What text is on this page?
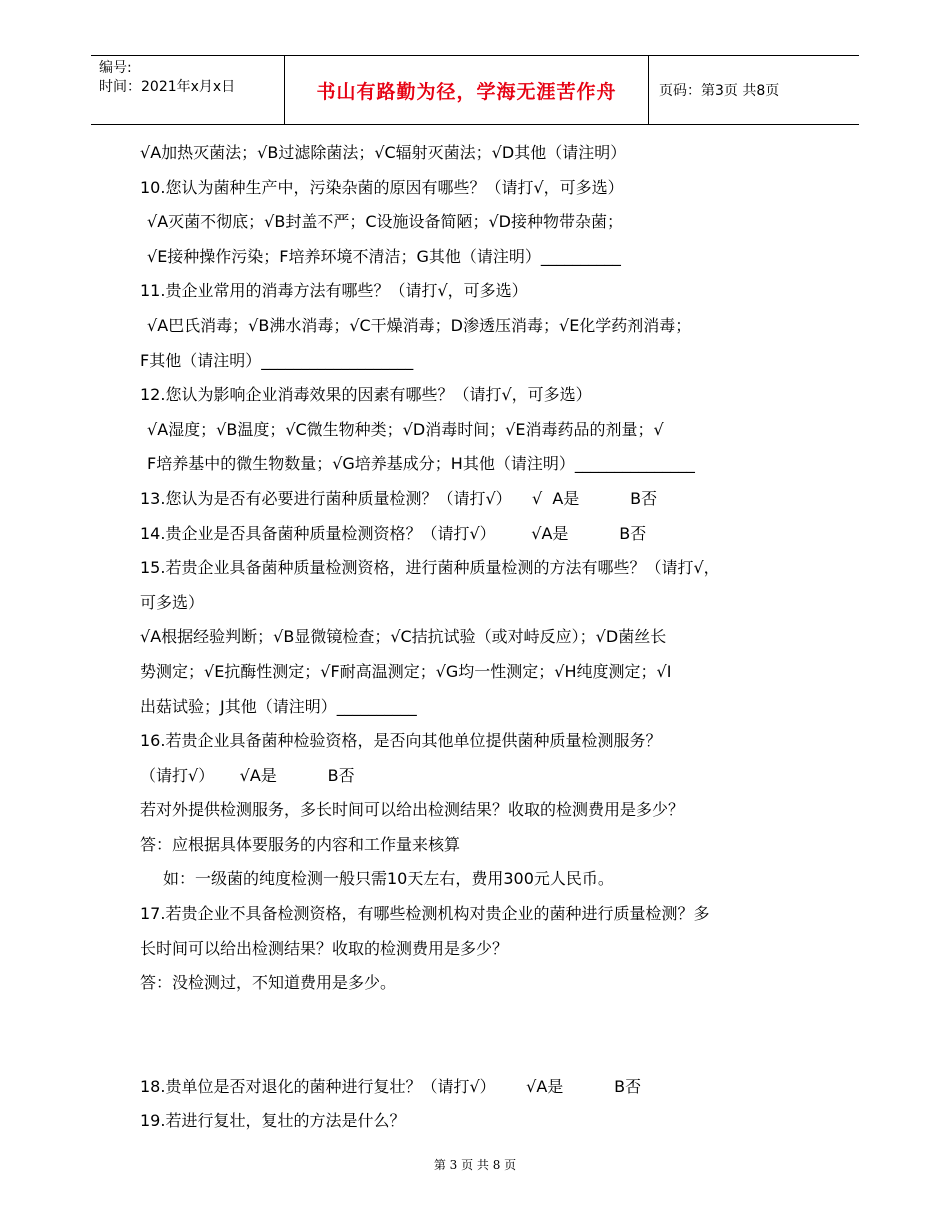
编号:
时间：2021年x月x日	书山有路勤为径，学海无涯苦作舟	页码：第3页 共8页
√A加热灭菌法；√B过滤除菌法；√C辐射灭菌法；√D其他（请注明）
10.您认为菌种生产中，污染杂菌的原因有哪些？（请打√，可多选）
√A灭菌不彻底；√B封盖不严；C设施设备简陋；√D接种物带杂菌；
√E接种操作污染；F培养环境不清洁；G其他（请注明）__________
11.贵企业常用的消毒方法有哪些？（请打√，可多选）
√A巴氏消毒；√B沸水消毒；√C干燥消毒；D渗透压消毒；√E化学药剂消毒；
F其他（请注明）___________________
12.您认为影响企业消毒效果的因素有哪些？（请打√，可多选）
√A湿度；√B温度；√C微生物种类；√D消毒时间；√E消毒药品的剂量；√
F培养基中的微生物数量；√G培养基成分；H其他（请注明）_______________
13.您认为是否有必要进行菌种质量检测？（请打√）    √  A是          B否
14.贵企业是否具备菌种质量检测资格？（请打√）       √A是          B否
15.若贵企业具备菌种质量检测资格，进行菌种质量检测的方法有哪些？（请打√，
可多选）
√A根据经验判断；√B显微镜检查；√C拮抗试验（或对峙反应）；√D菌丝长
势测定；√E抗酶性测定；√F耐高温测定；√G均一性测定；√H纯度测定；√I
出菇试验；J其他（请注明）__________
16.若贵企业具备菌种检验资格，是否向其他单位提供菌种质量检测服务？
（请打√）     √A是          B否
若对外提供检测服务，多长时间可以给出检测结果？收取的检测费用是多少？
答：应根据具体要服务的内容和工作量来核算
如：一级菌的纯度检测一般只需10天左右，费用300元人民币。
17.若贵企业不具备检测资格，有哪些检测机构对贵企业的菌种进行质量检测？多
长时间可以给出检测结果？收取的检测费用是多少？
答：没检测过，不知道费用是多少。
18.贵单位是否对退化的菌种进行复壮？（请打√）      √A是          B否
19.若进行复壮，复壮的方法是什么？
第 3 页 共 8 页
